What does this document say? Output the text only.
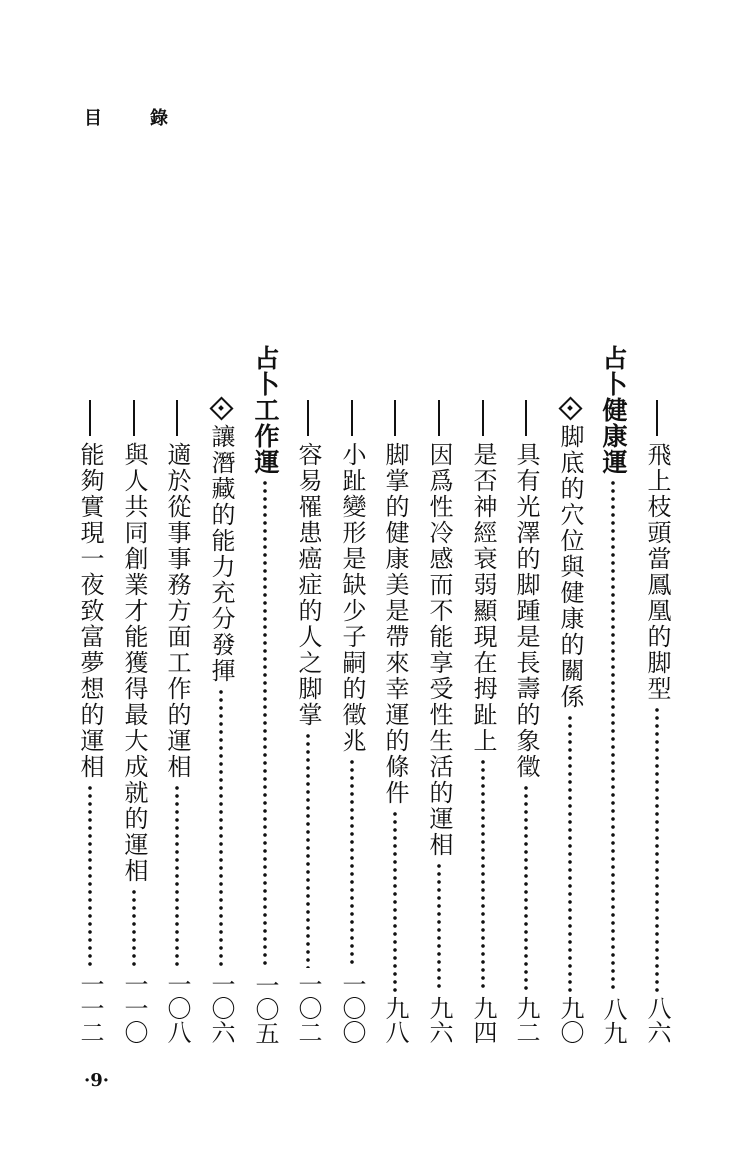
目	錄
飛上枝頭當鳳凰的脚型
八六
占卜健康運
八九
脚底的穴位與健康的關係
九〇
具有光澤的脚踵是長壽的象徵
九二
是否神經衰弱顯現在拇趾上
九四
因爲性冷感而不能享受性生活的運相
九六
脚掌的健康美是帶來幸運的條件
九八
小趾變形是缺少子嗣的徵兆
一〇〇
容易罹患癌症的人之脚掌
一〇二
占卜工作運
一〇五
讓潛藏的能力充分發揮
一〇六
適於從事事務方面工作的運相
一〇八
與人共同創業才能獲得最大成就的運相
一一〇
能夠實現一夜致富夢想的運相
一一二
·9·
